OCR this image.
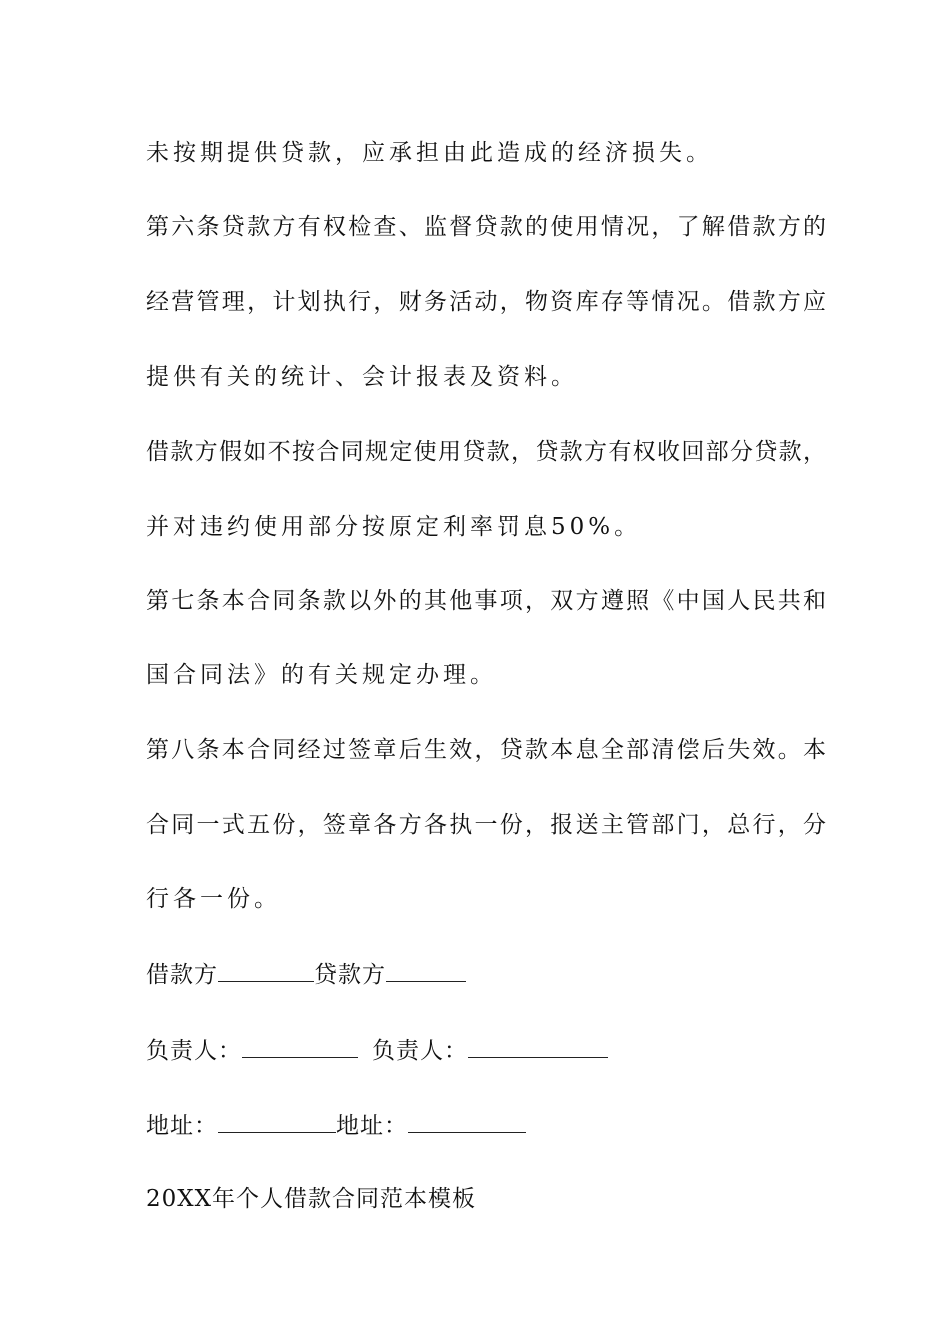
未按期提供贷款，应承担由此造成的经济损失。
第六条贷款方有权检查、监督贷款的使用情况，了解借款方的
经营管理，计划执行，财务活动，物资库存等情况。借款方应
提供有关的统计、会计报表及资料。
借款方假如不按合同规定使用贷款，贷款方有权收回部分贷款，
并对违约使用部分按原定利率罚息50%。
第七条本合同条款以外的其他事项，双方遵照《中国人民共和
国合同法》的有关规定办理。
第八条本合同经过签章后生效，贷款本息全部清偿后失效。本
合同一式五份，签章各方各执一份，报送主管部门，总行，分
行各一份。
借款方	贷款方
负责人：	负责人：
地址：	地址：
20XX年个人借款合同范本模板
